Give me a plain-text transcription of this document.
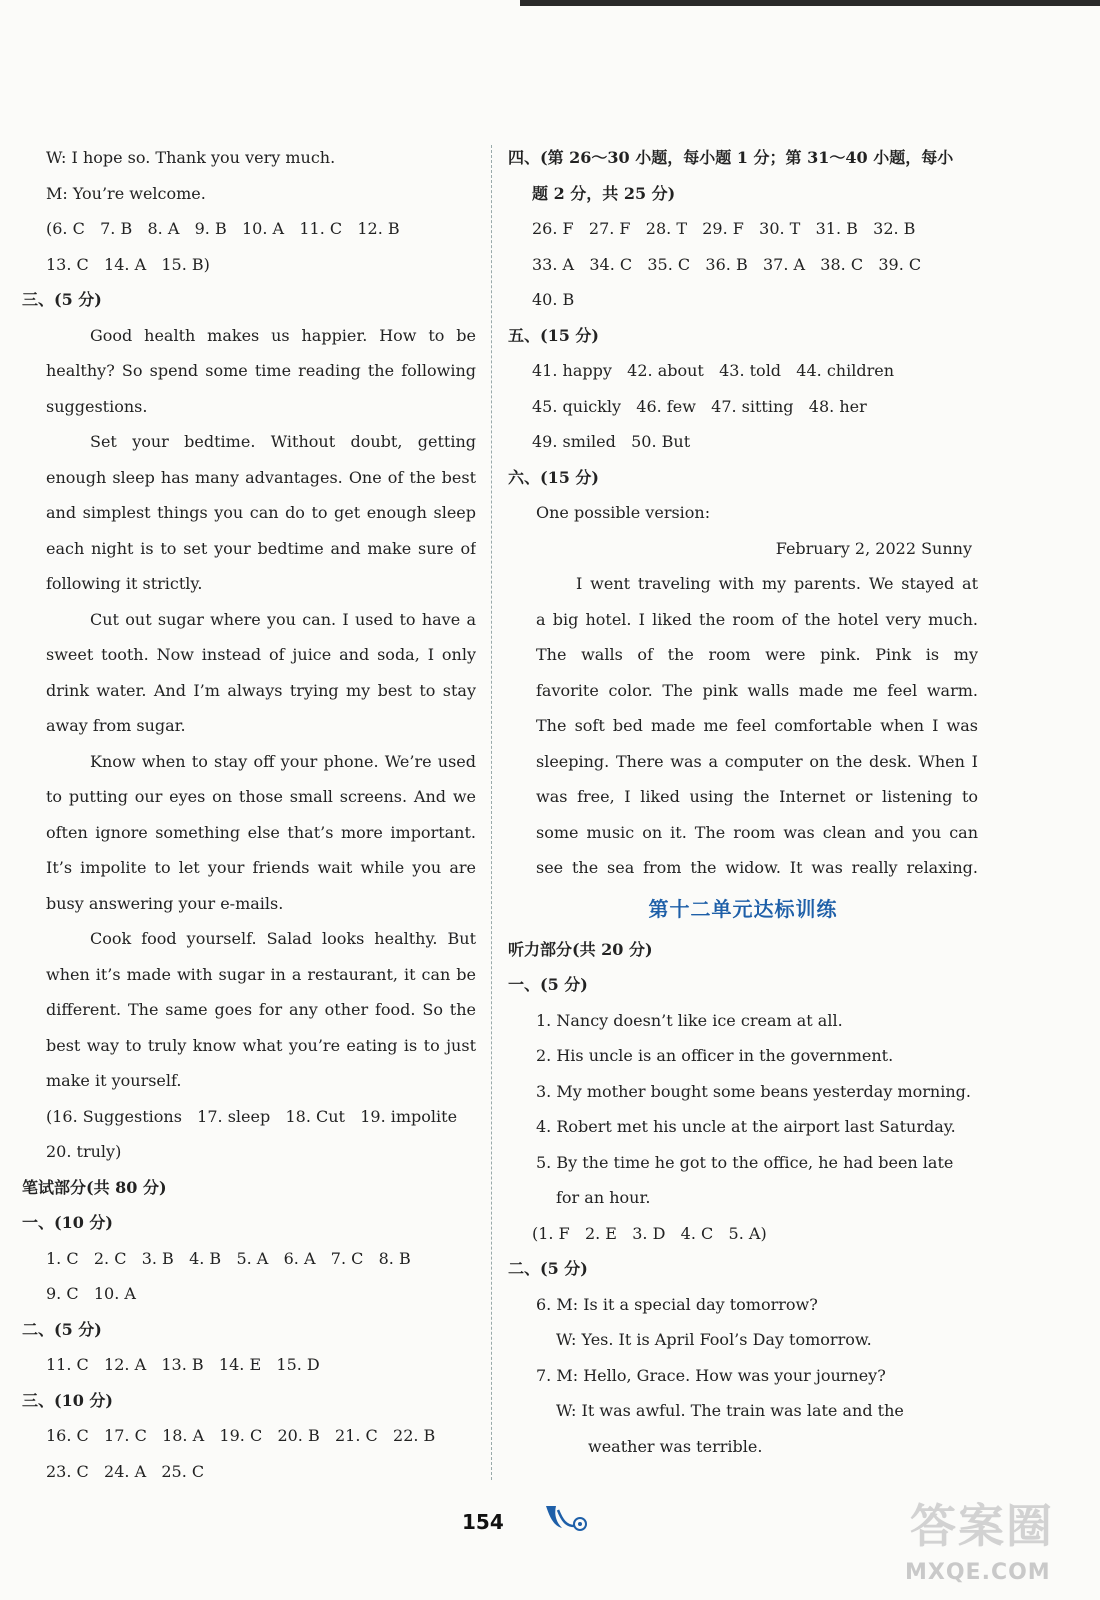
W: I hope so. Thank you very much.
M: You’re welcome.
(6. C   7. B   8. A   9. B   10. A   11. C   12. B
13. C   14. A   15. B)
三、(5 分)
Good health makes us happier. How to be
healthy? So spend some time reading the following
suggestions.
Set your bedtime. Without doubt, getting
enough sleep has many advantages. One of the best
and simplest things you can do to get enough sleep
each night is to set your bedtime and make sure of
following it strictly.
Cut out sugar where you can. I used to have a
sweet tooth. Now instead of juice and soda, I only
drink water. And I’m always trying my best to stay
away from sugar.
Know when to stay off your phone. We’re used
to putting our eyes on those small screens. And we
often ignore something else that’s more important.
It’s impolite to let your friends wait while you are
busy answering your e-mails.
Cook food yourself. Salad looks healthy. But
when it’s made with sugar in a restaurant, it can be
different. The same goes for any other food. So the
best way to truly know what you’re eating is to just
make it yourself.
(16. Suggestions   17. sleep   18. Cut   19. impolite
20. truly)
笔试部分(共 80 分)
一、(10 分)
1. C   2. C   3. B   4. B   5. A   6. A   7. C   8. B
9. C   10. A
二、(5 分)
11. C   12. A   13. B   14. E   15. D
三、(10 分)
16. C   17. C   18. A   19. C   20. B   21. C   22. B
23. C   24. A   25. C
四、(第 26～30 小题，每小题 1 分；第 31～40 小题，每小
题 2 分，共 25 分)
26. F   27. F   28. T   29. F   30. T   31. B   32. B
33. A   34. C   35. C   36. B   37. A   38. C   39. C
40. B
五、(15 分)
41. happy   42. about   43. told   44. children
45. quickly   46. few   47. sitting   48. her
49. smiled   50. But
六、(15 分)
One possible version:
February 2, 2022 Sunny
I went traveling with my parents. We stayed at
a big hotel. I liked the room of the hotel very much.
The walls of the room were pink. Pink is my
favorite color. The pink walls made me feel warm.
The soft bed made me feel comfortable when I was
sleeping. There was a computer on the desk. When I
was free, I liked using the Internet or listening to
some music on it. The room was clean and you can
see the sea from the widow. It was really relaxing.
第十二单元达标训练
听力部分(共 20 分)
一、(5 分)
1. Nancy doesn’t like ice cream at all.
2. His uncle is an officer in the government.
3. My mother bought some beans yesterday morning.
4. Robert met his uncle at the airport last Saturday.
5. By the time he got to the office, he had been late
for an hour.
(1. F   2. E   3. D   4. C   5. A)
二、(5 分)
6. M: Is it a special day tomorrow?
W: Yes. It is April Fool’s Day tomorrow.
7. M: Hello, Grace. How was your journey?
W: It was awful. The train was late and the
weather was terrible.
154	答案圈
MXQE.COM
